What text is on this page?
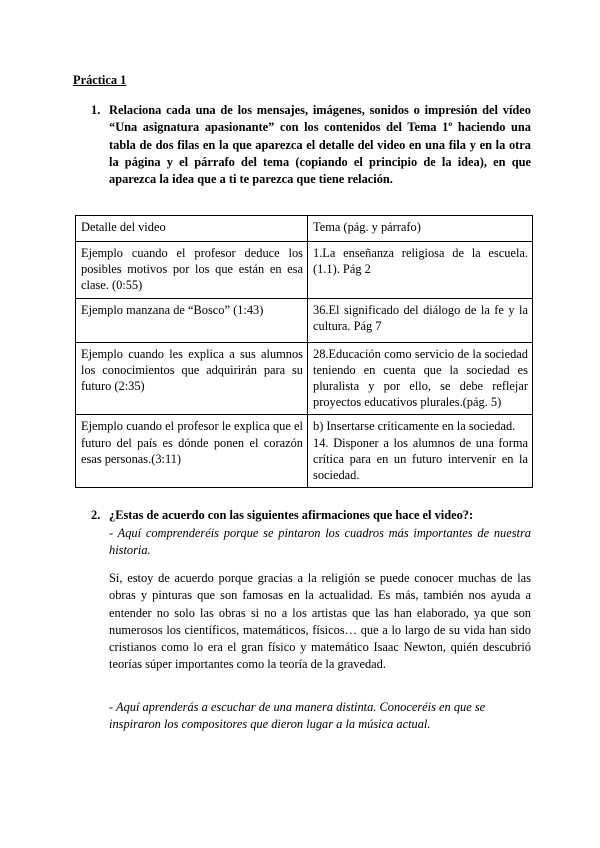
Práctica 1
1. Relaciona cada una de los mensajes, imágenes, sonidos o impresión del vídeo “Una asignatura apasionante” con los contenidos del Tema 1º haciendo una tabla de dos filas en la que aparezca el detalle del video en una fila y en la otra la página y el párrafo del tema (copiando el principio de la idea), en que aparezca la idea que a ti te parezca que tiene relación.
Detalle del video	Tema (pág. y párrafo)
Ejemplo cuando el profesor deduce los posibles motivos por los que están en esa clase. (0:55)	1.La enseñanza religiosa de la escuela. (1.1). Pág 2
Ejemplo manzana de “Bosco” (1:43)	36.El significado del diálogo de la fe y la cultura. Pág 7
Ejemplo cuando les explica a sus alumnos los conocimientos que adquirirán para su futuro (2:35)	28.Educación como servicio de la sociedad teniendo en cuenta que la sociedad es pluralista y por ello, se debe reflejar proyectos educativos plurales.(pág. 5)
Ejemplo cuando el profesor le explica que el futuro del país es dónde ponen el corazón esas personas.(3:11)	b) Insertarse críticamente en la sociedad.
14. Disponer a los alumnos de una forma crítica para en un futuro intervenir en la sociedad.
2. ¿Estas de acuerdo con las siguientes afirmaciones que hace el video?:
- Aquí comprenderéis porque se pintaron los cuadros más importantes de nuestra historia.
Si, estoy de acuerdo porque gracias a la religión se puede conocer muchas de las obras y pinturas que son famosas en la actualidad. Es más, también nos ayuda a entender no solo las obras si no a los artistas que las han elaborado, ya que son numerosos los científicos, matemáticos, físicos… que a lo largo de su vida han sido cristianos como lo era el gran físico y matemático Isaac Newton, quién descubrió teorías súper importantes como la teoría de la gravedad.
- Aquí aprenderás a escuchar de una manera distinta. Conoceréis en que se inspiraron los compositores que dieron lugar a la música actual.
